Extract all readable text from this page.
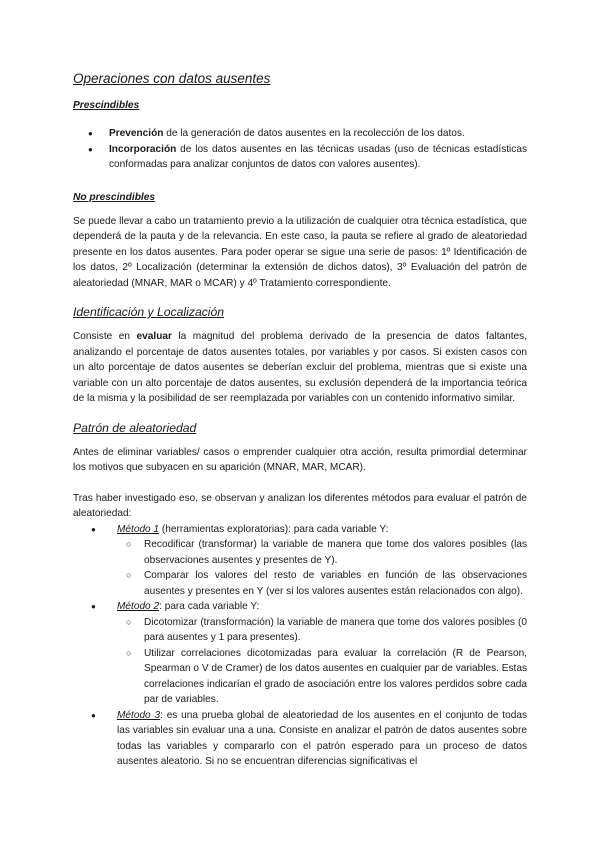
Operaciones con datos ausentes
Prescindibles
● Prevención de la generación de datos ausentes en la recolección de los datos.
● Incorporación de los datos ausentes en las técnicas usadas (uso de técnicas estadísticas conformadas para analizar conjuntos de datos con valores ausentes).
No prescindibles

Se puede llevar a cabo un tratamiento previo a la utilización de cualquier otra técnica estadística, que dependerá de la pauta y de la relevancia. En este caso, la pauta se refiere al grado de aleatoriedad presente en los datos ausentes. Para poder operar se sigue una serie de pasos: 1º Identificación de los datos, 2º Localización (determinar la extensión de dichos datos), 3º Evaluación del patrón de aleatoriedad (MNAR, MAR o MCAR) y 4º Tratamiento correspondiente.

Identificación y Localización

Consiste en evaluar la magnitud del problema derivado de la presencia de datos faltantes, analizando el porcentaje de datos ausentes totales, por variables y por casos. Si existen casos con un alto porcentaje de datos ausentes se deberían excluir del problema, mientras que si existe una variable con un alto porcentaje de datos ausentes, su exclusión dependerá de la importancia teórica de la misma y la posibilidad de ser reemplazada por variables con un contenido informativo similar.

Patrón de aleatoriedad

Antes de eliminar variables/ casos o emprender cualquier otra acción, resulta primordial determinar los motivos que subyacen en su aparición (MNAR, MAR, MCAR).

Tras haber investigado eso, se observan y analizan los diferentes métodos para evaluar el patrón de aleatoriedad:

● Método 1 (herramientas exploratorias): para cada variable Y:
○ Recodificar (transformar) la variable de manera que tome dos valores posibles (las observaciones ausentes y presentes de Y).
○ Comparar los valores del resto de variables en función de las observaciones ausentes y presentes en Y (ver si los valores ausentes están relacionados con algo).
● Método 2: para cada variable Y:
○ Dicotomizar (transformación) la variable de manera que tome dos valores posibles (0 para ausentes y 1 para presentes).
○ Utilizar correlaciones dicotomizadas para evaluar la correlación (R de Pearson, Spearman o V de Cramer) de los datos ausentes en cualquier par de variables. Estas correlaciones indicarían el grado de asociación entre los valores perdidos sobre cada par de variables.
● Método 3: es una prueba global de aleatoriedad de los ausentes en el conjunto de todas las variables sin evaluar una a una. Consiste en analizar el patrón de datos ausentes sobre todas las variables y compararlo con el patrón esperado para un proceso de datos ausentes aleatorio. Si no se encuentran diferencias significativas el
